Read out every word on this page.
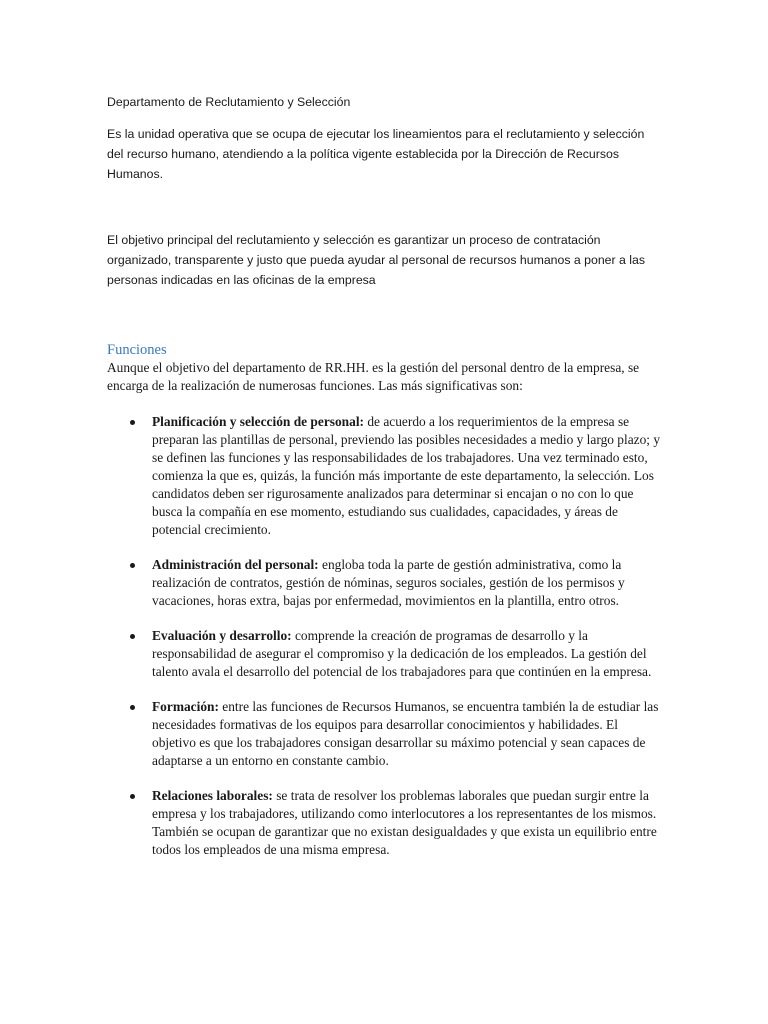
Departamento de Reclutamiento y Selección

Es la unidad operativa que se ocupa de ejecutar los lineamientos para el reclutamiento y selección del recurso humano, atendiendo a la política vigente establecida por la Dirección de Recursos Humanos.

El objetivo principal del reclutamiento y selección es garantizar un proceso de contratación organizado, transparente y justo que pueda ayudar al personal de recursos humanos a poner a las personas indicadas en las oficinas de la empresa

Funciones

Aunque el objetivo del departamento de RR.HH. es la gestión del personal dentro de la empresa, se encarga de la realización de numerosas funciones. Las más significativas son:

Planificación y selección de personal: de acuerdo a los requerimientos de la empresa se preparan las plantillas de personal, previendo las posibles necesidades a medio y largo plazo; y se definen las funciones y las responsabilidades de los trabajadores. Una vez terminado esto, comienza la que es, quizás, la función más importante de este departamento, la selección. Los candidatos deben ser rigurosamente analizados para determinar si encajan o no con lo que busca la compañía en ese momento, estudiando sus cualidades, capacidades, y áreas de potencial crecimiento.
Administración del personal: engloba toda la parte de gestión administrativa, como la realización de contratos, gestión de nóminas, seguros sociales, gestión de los permisos y vacaciones, horas extra, bajas por enfermedad, movimientos en la plantilla, entro otros.
Evaluación y desarrollo: comprende la creación de programas de desarrollo y la responsabilidad de asegurar el compromiso y la dedicación de los empleados. La gestión del talento avala el desarrollo del potencial de los trabajadores para que continúen en la empresa.
Formación: entre las funciones de Recursos Humanos, se encuentra también la de estudiar las necesidades formativas de los equipos para desarrollar conocimientos y habilidades. El objetivo es que los trabajadores consigan desarrollar su máximo potencial y sean capaces de adaptarse a un entorno en constante cambio.
Relaciones laborales: se trata de resolver los problemas laborales que puedan surgir entre la empresa y los trabajadores, utilizando como interlocutores a los representantes de los mismos. También se ocupan de garantizar que no existan desigualdades y que exista un equilibrio entre todos los empleados de una misma empresa.
